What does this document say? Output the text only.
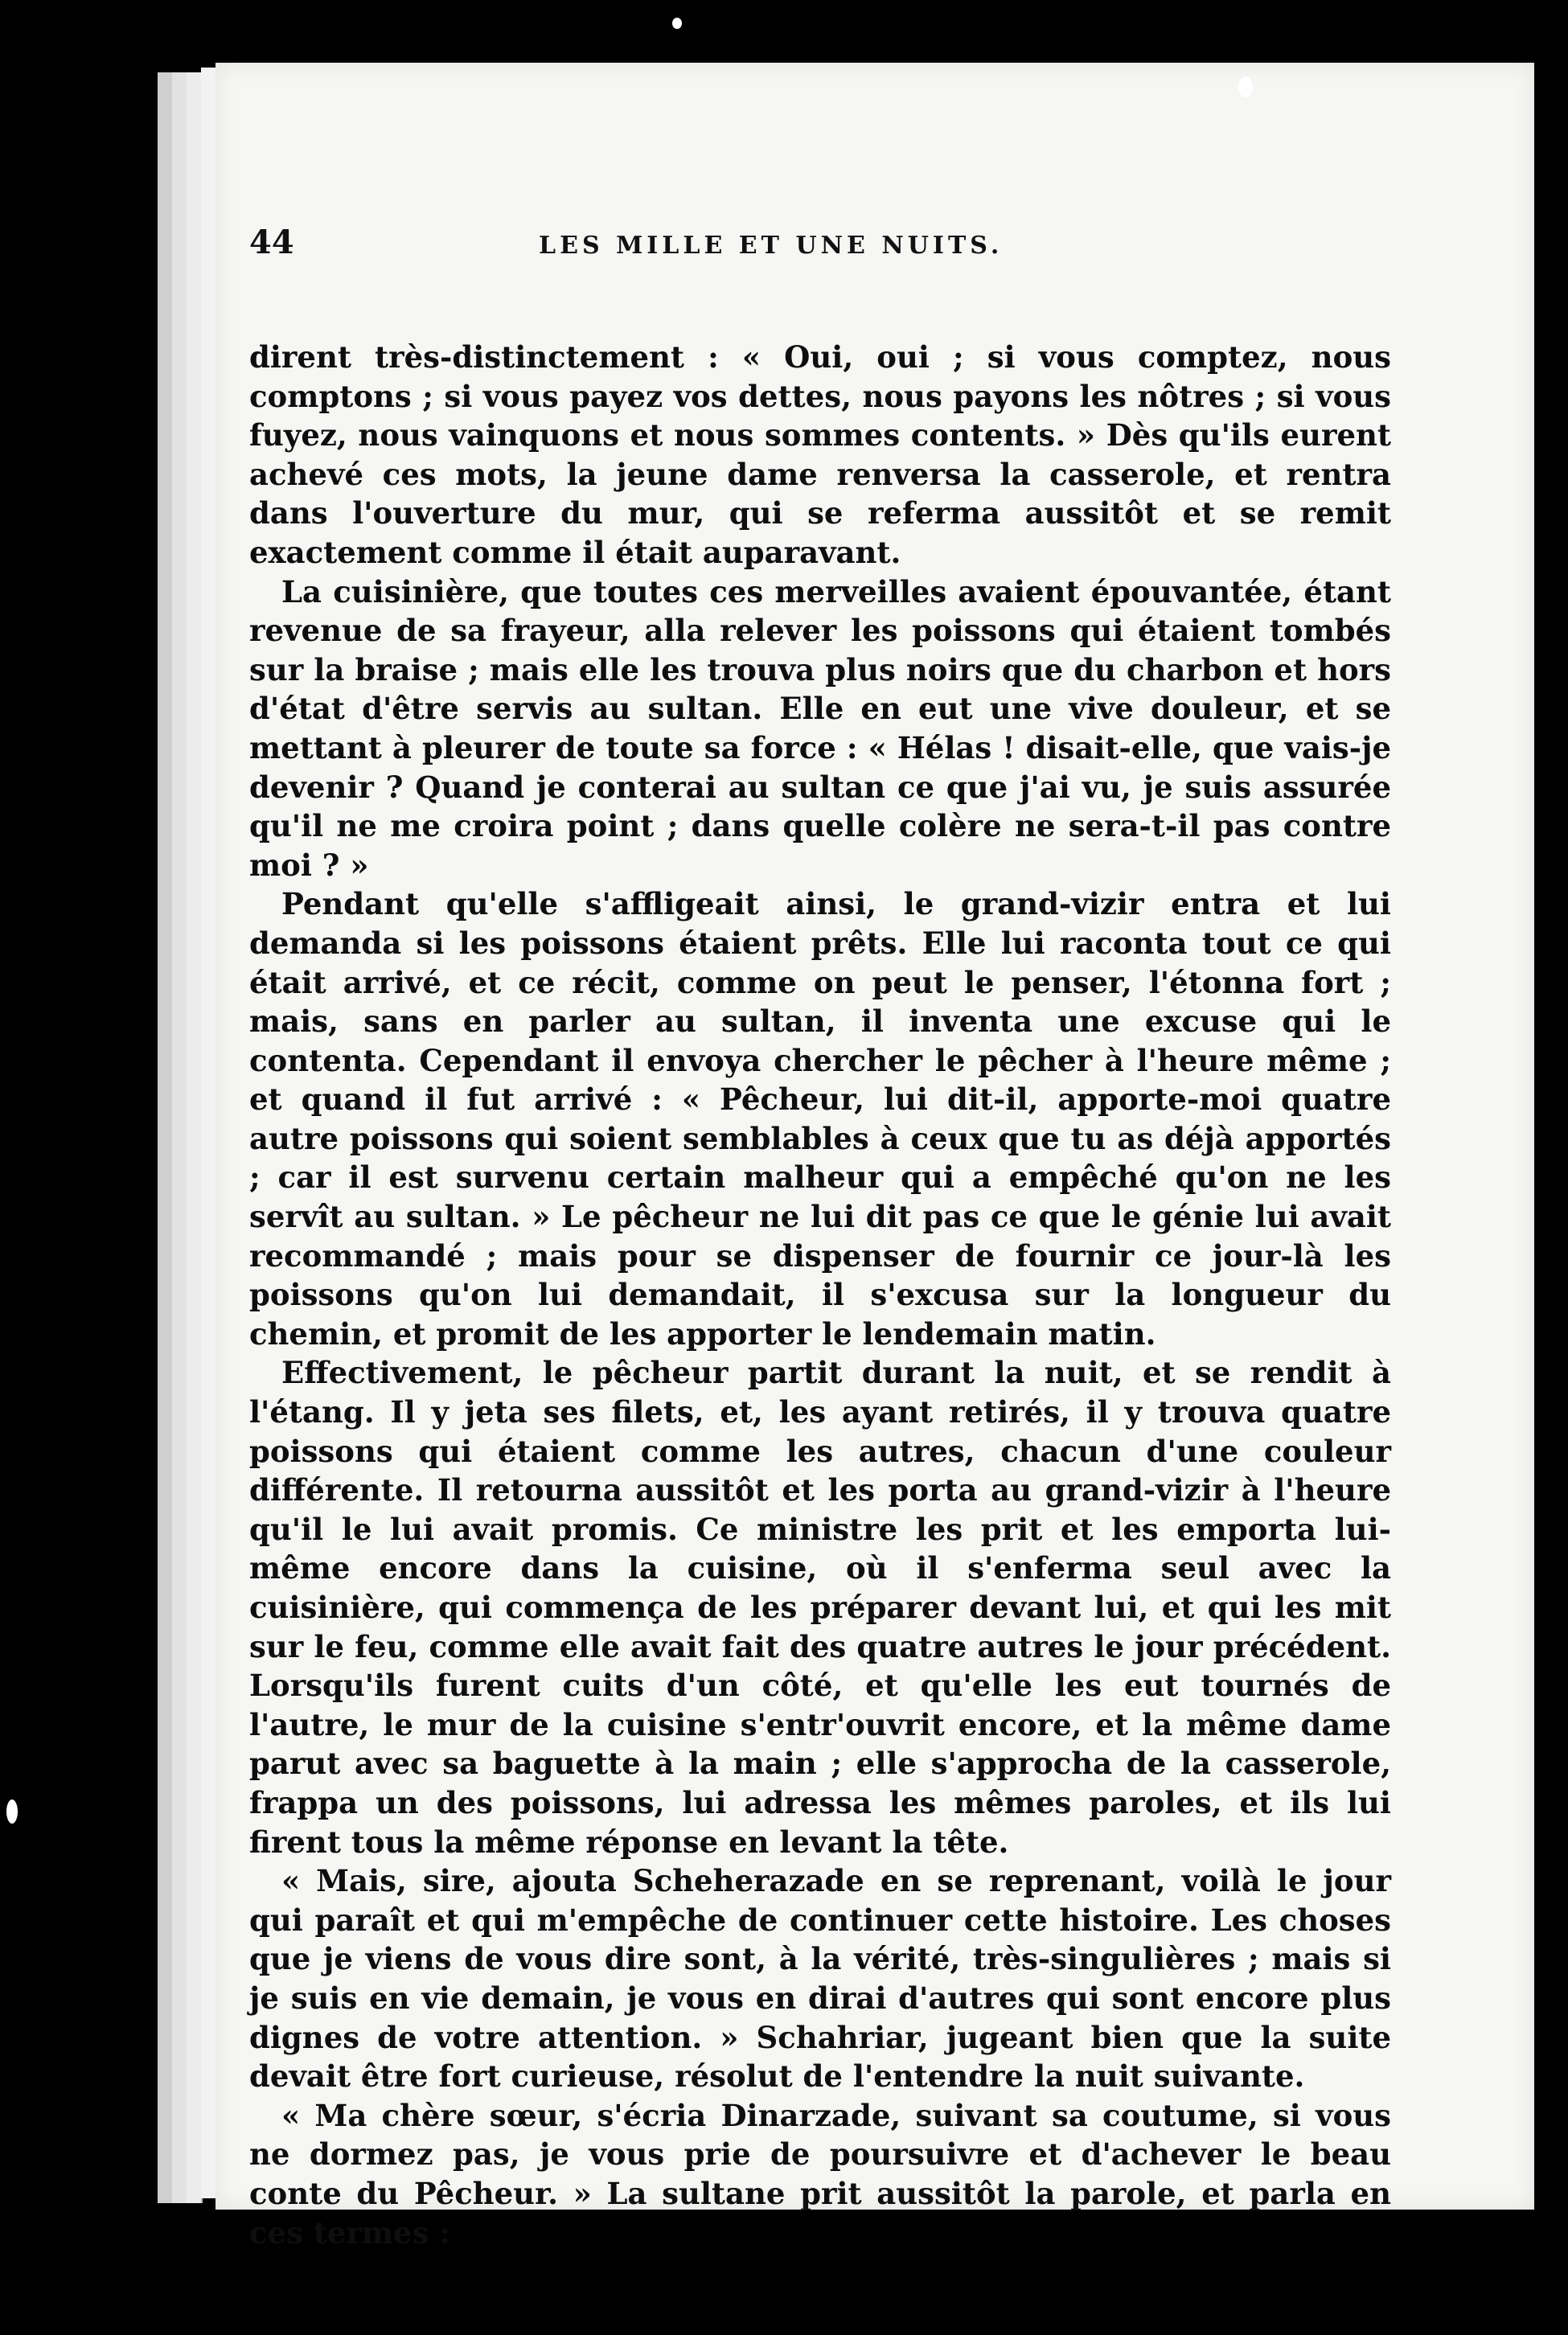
44	LES MILLE ET UNE NUITS.

dirent très-distinctement : « Oui, oui ; si vous comptez, nous comptons ; si vous payez vos dettes, nous payons les nôtres ; si vous fuyez, nous vainquons et nous sommes contents. » Dès qu'ils eurent achevé ces mots, la jeune dame renversa la casserole, et rentra dans l'ouverture du mur, qui se referma aussitôt et se remit exactement comme il était auparavant.

La cuisinière, que toutes ces merveilles avaient épouvantée, étant revenue de sa frayeur, alla relever les poissons qui étaient tombés sur la braise ; mais elle les trouva plus noirs que du charbon et hors d'état d'être servis au sultan. Elle en eut une vive douleur, et se mettant à pleurer de toute sa force : « Hélas ! disait-elle, que vais-je devenir ? Quand je conterai au sultan ce que j'ai vu, je suis assurée qu'il ne me croira point ; dans quelle colère ne sera-t-il pas contre moi ? »

Pendant qu'elle s'affligeait ainsi, le grand-vizir entra et lui demanda si les poissons étaient prêts. Elle lui raconta tout ce qui était arrivé, et ce récit, comme on peut le penser, l'étonna fort ; mais, sans en parler au sultan, il inventa une excuse qui le contenta. Cependant il envoya chercher le pêcher à l'heure même ; et quand il fut arrivé : « Pêcheur, lui dit-il, apporte-moi quatre autre poissons qui soient semblables à ceux que tu as déjà apportés ; car il est survenu certain malheur qui a empêché qu'on ne les servît au sultan. » Le pêcheur ne lui dit pas ce que le génie lui avait recommandé ; mais pour se dispenser de fournir ce jour-là les poissons qu'on lui demandait, il s'excusa sur la longueur du chemin, et promit de les apporter le lendemain matin.

Effectivement, le pêcheur partit durant la nuit, et se rendit à l'étang. Il y jeta ses filets, et, les ayant retirés, il y trouva quatre poissons qui étaient comme les autres, chacun d'une couleur différente. Il retourna aussitôt et les porta au grand-vizir à l'heure qu'il le lui avait promis. Ce ministre les prit et les emporta lui-même encore dans la cuisine, où il s'enferma seul avec la cuisinière, qui commença de les préparer devant lui, et qui les mit sur le feu, comme elle avait fait des quatre autres le jour précédent. Lorsqu'ils furent cuits d'un côté, et qu'elle les eut tournés de l'autre, le mur de la cuisine s'entr'ouvrit encore, et la même dame parut avec sa baguette à la main ; elle s'approcha de la casserole, frappa un des poissons, lui adressa les mêmes paroles, et ils lui firent tous la même réponse en levant la tête.

« Mais, sire, ajouta Scheherazade en se reprenant, voilà le jour qui paraît et qui m'empêche de continuer cette histoire. Les choses que je viens de vous dire sont, à la vérité, très-singulières ; mais si je suis en vie demain, je vous en dirai d'autres qui sont encore plus dignes de votre attention. » Schahriar, jugeant bien que la suite devait être fort curieuse, résolut de l'entendre la nuit suivante.

« Ma chère sœur, s'écria Dinarzade, suivant sa coutume, si vous ne dormez pas, je vous prie de poursuivre et d'achever le beau conte du Pêcheur. » La sultane prit aussitôt la parole, et parla en ces termes :
